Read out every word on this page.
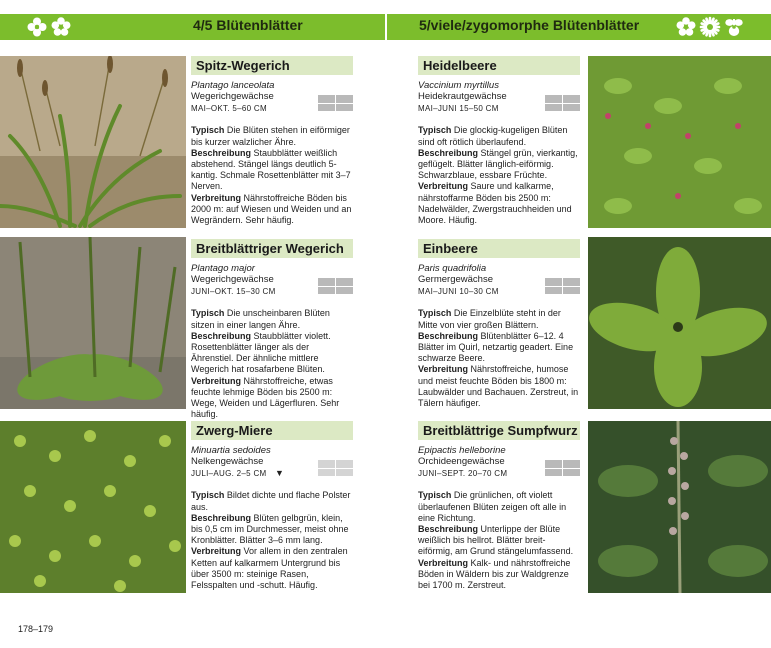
4/5 Blütenblätter	5/viele/zygomorphe Blütenblätter
Spitz-Wegerich
Plantago lanceolata
Wegerichgewächse
MAI–OKT. 5–60 CM

Typisch Die Blüten stehen in eiförmiger bis kurzer walzlicher Ähre.

Beschreibung Staubblätter weißlich abstehend. Stängel längs deutlich 5-kantig. Schmale Rosettenblätter mit 3–7 Nerven.

Verbreitung Nährstoffreiche Böden bis 2000 m: auf Wiesen und Weiden und an Wegrändern. Sehr häufig.

Breitblättriger Wegerich
Plantago major
Wegerichgewächse
JUNI–OKT. 15–30 CM

Typisch Die unscheinbaren Blüten sitzen in einer langen Ähre.

Beschreibung Staubblätter violett. Rosettenblätter länger als der Ährenstiel. Der ähnliche mittlere Wegerich hat rosafarbene Blüten.

Verbreitung Nährstoffreiche, etwas feuchte lehmige Böden bis 2500 m: Wege, Weiden und Lägerfluren. Sehr häufig.

Zwerg-Miere
Minuartia sedoides
Nelkengewächse
JULI–AUG. 2–5 CM ▼

Typisch Bildet dichte und flache Polster aus.

Beschreibung Blüten gelbgrün, klein, bis 0,5 cm im Durchmesser, meist ohne Kronblätter. Blätter 3–6 mm lang.

Verbreitung Vor allem in den zentralen Ketten auf kalkarmem Untergrund bis über 3500 m: steinige Rasen, Felsspalten und -schutt. Häufig.

Heidelbeere
Vaccinium myrtillus
Heidekrautgewächse
MAI–JUNI 15–50 CM

Typisch Die glockig-kugeligen Blüten sind oft rötlich überlaufend.

Beschreibung Stängel grün, vierkantig, geflügelt. Blätter länglich-eiförmig. Schwarzblaue, essbare Früchte.

Verbreitung Saure und kalkarme, nährstoffarme Böden bis 2500 m: Nadelwälder, Zwergstrauchheiden und Moore. Häufig.

Einbeere
Paris quadrifolia
Germergewächse
MAI–JUNI 10–30 CM

Typisch Die Einzelblüte steht in der Mitte von vier großen Blättern.

Beschreibung Blütenblätter 6–12. 4 Blätter im Quirl, netzartig geadert. Eine schwarze Beere.

Verbreitung Nährstoffreiche, humose und meist feuchte Böden bis 1800 m: Laubwälder und Bachauen. Zerstreut, in Tälern häufiger.

Breitblättrige Sumpfwurz
Epipactis helleborine
Orchideengewächse
JUNI–SEPT. 20–70 CM

Typisch Die grünlichen, oft violett überlaufenen Blüten zeigen oft alle in eine Richtung.

Beschreibung Unterlippe der Blüte weißlich bis hellrot. Blätter breit-eiförmig, am Grund stängelumfassend.

Verbreitung Kalk- und nährstoffreiche Böden in Wäldern bis zur Waldgrenze bei 1700 m. Zerstreut.

178–179
